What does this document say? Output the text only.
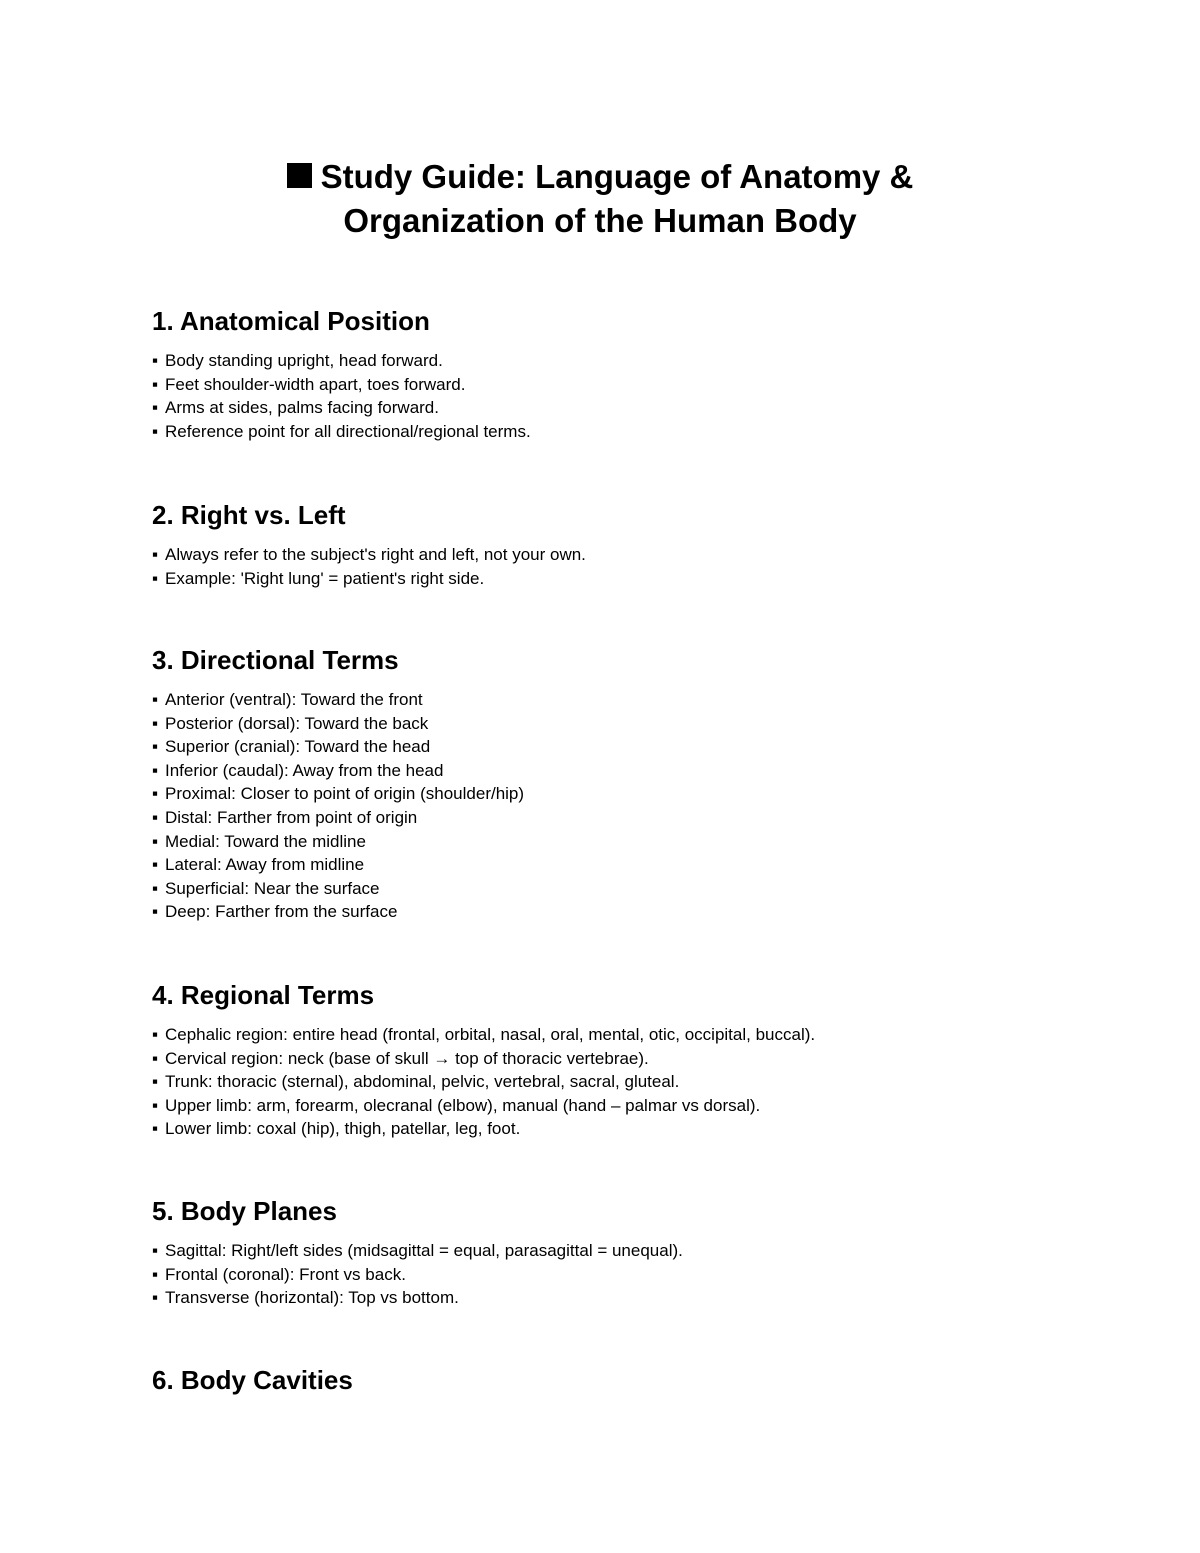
Study Guide: Language of Anatomy &
Organization of the Human Body
1. Anatomical Position
▪ Body standing upright, head forward.
▪ Feet shoulder-width apart, toes forward.
▪ Arms at sides, palms facing forward.
▪ Reference point for all directional/regional terms.
2. Right vs. Left
▪ Always refer to the subject's right and left, not your own.
▪ Example: 'Right lung' = patient's right side.
3. Directional Terms
▪ Anterior (ventral): Toward the front
▪ Posterior (dorsal): Toward the back
▪ Superior (cranial): Toward the head
▪ Inferior (caudal): Away from the head
▪ Proximal: Closer to point of origin (shoulder/hip)
▪ Distal: Farther from point of origin
▪ Medial: Toward the midline
▪ Lateral: Away from midline
▪ Superficial: Near the surface
▪ Deep: Farther from the surface
4. Regional Terms
▪ Cephalic region: entire head (frontal, orbital, nasal, oral, mental, otic, occipital, buccal).
▪ Cervical region: neck (base of skull → top of thoracic vertebrae).
▪ Trunk: thoracic (sternal), abdominal, pelvic, vertebral, sacral, gluteal.
▪ Upper limb: arm, forearm, olecranal (elbow), manual (hand – palmar vs dorsal).
▪ Lower limb: coxal (hip), thigh, patellar, leg, foot.
5. Body Planes
▪ Sagittal: Right/left sides (midsagittal = equal, parasagittal = unequal).
▪ Frontal (coronal): Front vs back.
▪ Transverse (horizontal): Top vs bottom.
6. Body Cavities
